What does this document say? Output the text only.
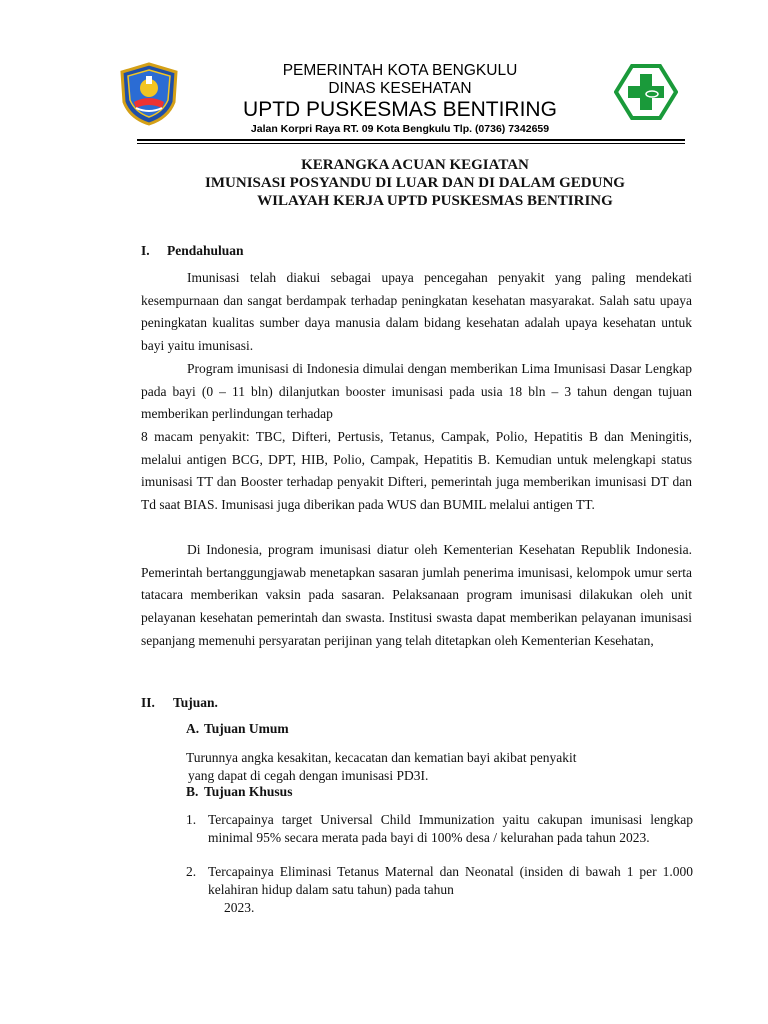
PEMERINTAH KOTA BENGKULU
DINAS KESEHATAN
UPTD PUSKESMAS BENTIRING
Jalan Korpri Raya RT. 09 Kota Bengkulu Tlp. (0736) 7342659
KERANGKA ACUAN KEGIATAN
IMUNISASI POSYANDU DI LUAR DAN DI DALAM GEDUNG
WILAYAH KERJA UPTD PUSKESMAS BENTIRING
I. Pendahuluan
Imunisasi telah diakui sebagai upaya pencegahan penyakit yang paling mendekati kesempurnaan dan sangat berdampak terhadap peningkatan kesehatan masyarakat. Salah satu upaya peningkatan kualitas sumber daya manusia dalam bidang kesehatan adalah upaya kesehatan untuk bayi yaitu imunisasi.
Program imunisasi di Indonesia dimulai dengan memberikan Lima Imunisasi Dasar Lengkap pada bayi (0 – 11 bln) dilanjutkan booster imunisasi pada usia 18 bln – 3 tahun dengan tujuan memberikan perlindungan terhadap
8 macam penyakit: TBC, Difteri, Pertusis, Tetanus, Campak, Polio, Hepatitis B dan Meningitis, melalui antigen BCG, DPT, HIB, Polio, Campak, Hepatitis B. Kemudian untuk melengkapi status imunisasi TT dan Booster terhadap penyakit Difteri, pemerintah juga memberikan imunisasi DT dan Td saat BIAS. Imunisasi juga diberikan pada WUS dan BUMIL melalui antigen TT.
Di Indonesia, program imunisasi diatur oleh Kementerian Kesehatan Republik Indonesia. Pemerintah bertanggungjawab menetapkan sasaran jumlah penerima imunisasi, kelompok umur serta tatacara memberikan vaksin pada sasaran. Pelaksanaan program imunisasi dilakukan oleh unit pelayanan kesehatan pemerintah dan swasta. Institusi swasta dapat memberikan pelayanan imunisasi sepanjang memenuhi persyaratan perijinan yang telah ditetapkan oleh Kementerian Kesehatan,
II. Tujuan.
A. Tujuan Umum
Turunnya angka kesakitan, kecacatan dan kematian bayi akibat penyakit
yang dapat di cegah dengan imunisasi PD3I.
B. Tujuan Khusus
1. Tercapainya target Universal Child Immunization yaitu cakupan imunisasi lengkap minimal 95% secara merata pada bayi di 100% desa / kelurahan pada tahun 2023.
2. Tercapainya Eliminasi Tetanus Maternal dan Neonatal (insiden di bawah 1 per 1.000 kelahiran hidup dalam satu tahun) pada tahun
2023.
